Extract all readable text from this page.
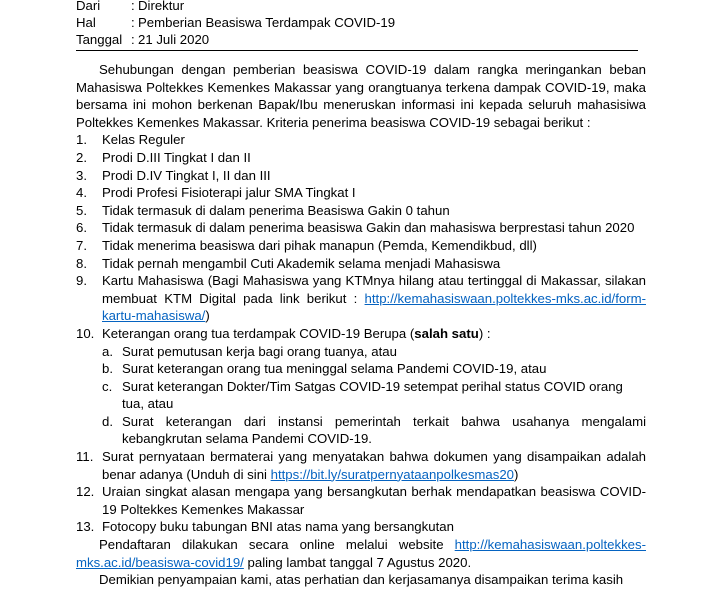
Dari	: Direktur
Hal	: Pemberian Beasiswa Terdampak COVID-19
Tanggal : 21 Juli 2020

Sehubungan dengan pemberian beasiswa COVID-19 dalam rangka meringankan beban Mahasiswa Poltekkes Kemenkes Makassar yang orangtuanya terkena dampak COVID-19, maka bersama ini mohon berkenan Bapak/Ibu meneruskan informasi ini kepada seluruh mahasisiwa Poltekkes Kemenkes Makassar. Kriteria penerima beasiswa COVID-19 sebagai berikut :

1.	Kelas Reguler
2.	Prodi D.III Tingkat I dan II
3.	Prodi D.IV Tingkat I, II dan III
4.	Prodi Profesi Fisioterapi jalur SMA Tingkat I
5.	Tidak termasuk di dalam penerima Beasiswa Gakin 0 tahun
6.	Tidak termasuk di dalam penerima beasiswa Gakin dan mahasiswa berprestasi tahun 2020
7.	Tidak menerima beasiswa dari pihak manapun (Pemda, Kemendikbud, dll)
8.	Tidak pernah mengambil Cuti Akademik selama menjadi Mahasiswa
9.	Kartu Mahasiswa (Bagi Mahasiswa yang KTMnya hilang atau tertinggal di Makassar, silakan membuat KTM Digital pada link berikut : http://kemahasiswaan.poltekkes-mks.ac.id/form-kartu-mahasiswa/)
10. Keterangan orang tua terdampak COVID-19 Berupa (salah satu) :
a. Surat pemutusan kerja bagi orang tuanya, atau
b. Surat keterangan orang tua meninggal selama Pandemi COVID-19, atau
c. Surat keterangan Dokter/Tim Satgas COVID-19 setempat perihal status COVID orang tua, atau
d. Surat keterangan dari instansi pemerintah terkait bahwa usahanya mengalami kebangkrutan selama Pandemi COVID-19.
11. Surat pernyataan bermaterai yang menyatakan bahwa dokumen yang disampaikan adalah benar adanya (Unduh di sini https://bit.ly/suratpernyataanpolkesmas20)
12. Uraian singkat alasan mengapa yang bersangkutan berhak mendapatkan beasiswa COVID-19 Poltekkes Kemenkes Makassar
13. Fotocopy buku tabungan BNI atas nama yang bersangkutan

Pendaftaran dilakukan secara online melalui website http://kemahasiswaan.poltekkes-mks.ac.id/beasiswa-covid19/ paling lambat tanggal 7 Agustus 2020.

Demikian penyampaian kami, atas perhatian dan kerjasamanya disampaikan terima kasih
